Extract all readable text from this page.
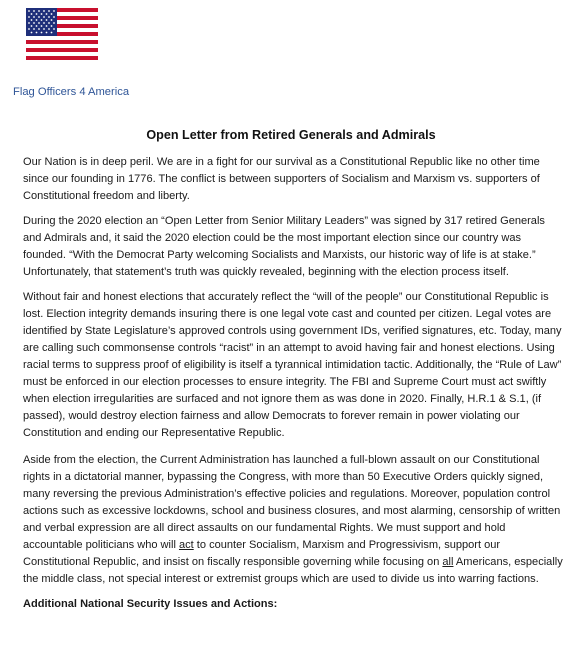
Flag Officers 4 America
Open Letter from Retired Generals and Admirals

Our Nation is in deep peril. We are in a fight for our survival as a Constitutional Republic like no other time since our founding in 1776. The conflict is between supporters of Socialism and Marxism vs. supporters of Constitutional freedom and liberty.

During the 2020 election an “Open Letter from Senior Military Leaders” was signed by 317 retired Generals and Admirals and, it said the 2020 election could be the most important election since our country was founded. “With the Democrat Party welcoming Socialists and Marxists, our historic way of life is at stake.” Unfortunately, that statement’s truth was quickly revealed, beginning with the election process itself.

Without fair and honest elections that accurately reflect the “will of the people” our Constitutional Republic is lost. Election integrity demands insuring there is one legal vote cast and counted per citizen. Legal votes are identified by State Legislature’s approved controls using government IDs, verified signatures, etc. Today, many are calling such commonsense controls “racist” in an attempt to avoid having fair and honest elections. Using racial terms to suppress proof of eligibility is itself a tyrannical intimidation tactic. Additionally, the “Rule of Law” must be enforced in our election processes to ensure integrity. The FBI and Supreme Court must act swiftly when election irregularities are surfaced and not ignore them as was done in 2020. Finally, H.R.1 & S.1, (if passed), would destroy election fairness and allow Democrats to forever remain in power violating our Constitution and ending our Representative Republic.

Aside from the election, the Current Administration has launched a full-blown assault on our Constitutional rights in a dictatorial manner, bypassing the Congress, with more than 50 Executive Orders quickly signed, many reversing the previous Administration’s effective policies and regulations. Moreover, population control actions such as excessive lockdowns, school and business closures, and most alarming, censorship of written and verbal expression are all direct assaults on our fundamental Rights. We must support and hold accountable politicians who will act to counter Socialism, Marxism and Progressivism, support our Constitutional Republic, and insist on fiscally responsible governing while focusing on all Americans, especially the middle class, not special interest or extremist groups which are used to divide us into warring factions.

Additional National Security Issues and Actions:
